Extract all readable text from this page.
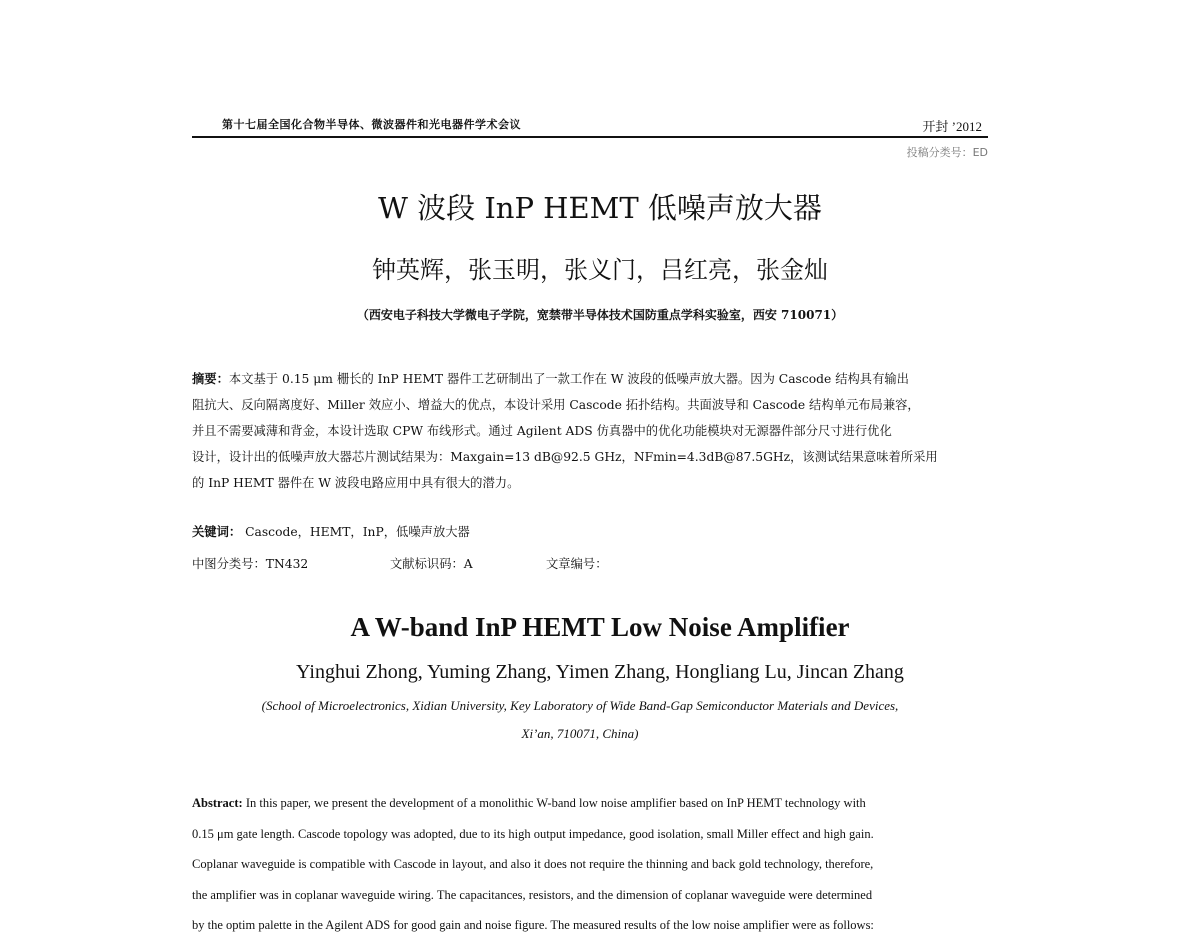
第十七届全国化合物半导体、微波器件和光电器件学术会议	开封 ’2012
投稿分类号：ED
W 波段 InP HEMT 低噪声放大器
钟英辉，张玉明，张义门，吕红亮，张金灿
（西安电子科技大学微电子学院，宽禁带半导体技术国防重点学科实验室，西安 710071）
摘要：本文基于 0.15 μm 栅长的 InP HEMT 器件工艺研制出了一款工作在 W 波段的低噪声放大器。因为 Cascode 结构具有输出
阻抗大、反向隔离度好、Miller 效应小、增益大的优点，本设计采用 Cascode 拓扑结构。共面波导和 Cascode 结构单元布局兼容，
并且不需要减薄和背金，本设计选取 CPW 布线形式。通过 Agilent ADS 仿真器中的优化功能模块对无源器件部分尺寸进行优化
设计，设计出的低噪声放大器芯片测试结果为：Maxgain=13 dB@92.5 GHz，NFmin=4.3dB@87.5GHz，该测试结果意味着所采用
的 InP HEMT 器件在 W 波段电路应用中具有很大的潜力。
关键词： Cascode，HEMT，InP，低噪声放大器
中图分类号：TN432	文献标识码：A	文章编号：
A W-band InP HEMT Low Noise Amplifier
Yinghui Zhong, Yuming Zhang, Yimen Zhang, Hongliang Lu, Jincan Zhang
(School of Microelectronics, Xidian University, Key Laboratory of Wide Band-Gap Semiconductor Materials and Devices,
Xi’an, 710071, China)
Abstract: In this paper, we present the development of a monolithic W-band low noise amplifier based on InP HEMT technology with
0.15 μm gate length. Cascode topology was adopted, due to its high output impedance, good isolation, small Miller effect and high gain.
Coplanar waveguide is compatible with Cascode in layout, and also it does not require the thinning and back gold technology, therefore,
the amplifier was in coplanar waveguide wiring. The capacitances, resistors, and the dimension of coplanar waveguide were determined
by the optim palette in the Agilent ADS for good gain and noise figure. The measured results of the low noise amplifier were as follows:
